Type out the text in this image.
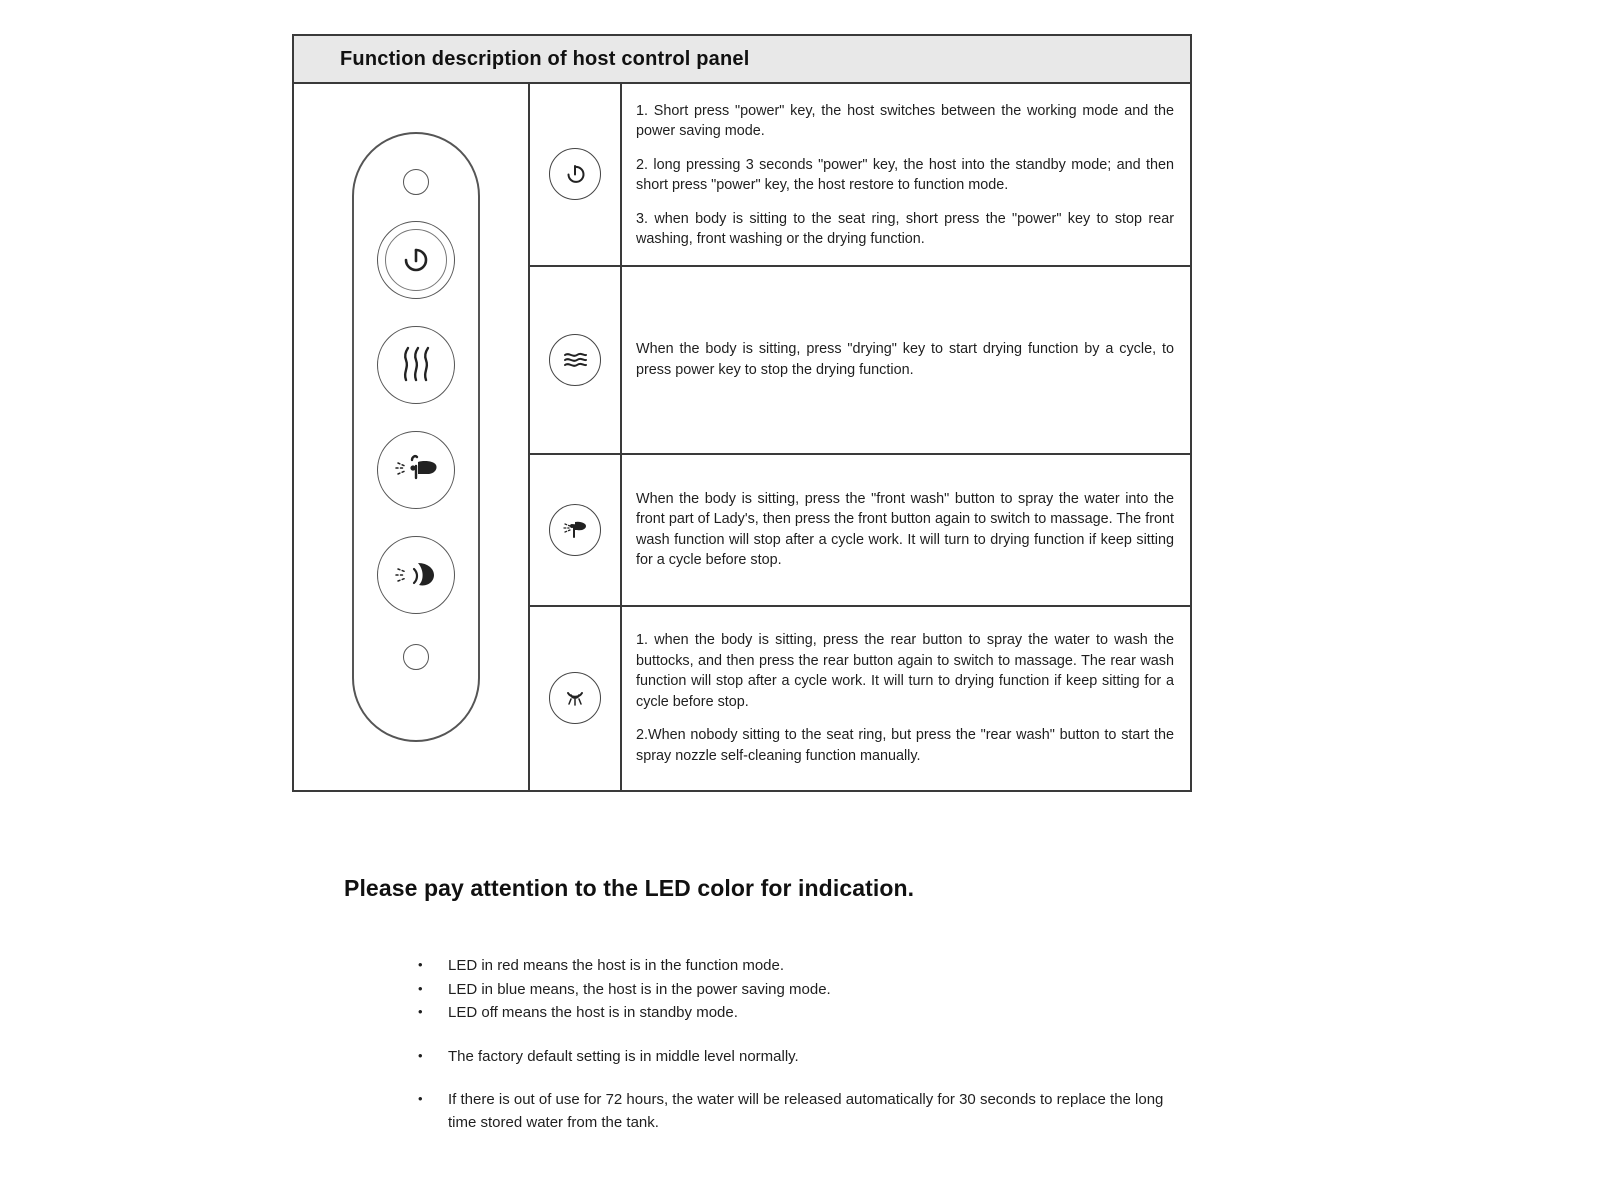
Function description of host control panel

1. Short press "power" key, the host switches between the working mode and the power saving mode.

2. long pressing 3 seconds "power" key, the host into the standby mode; and then short press "power" key, the host restore to function mode.

3. when body is sitting to the seat ring, short press the "power" key to stop rear washing, front washing or the drying function.

When the body is sitting, press "drying" key to start drying function by a cycle, to press power key to stop the drying function.

When the body is sitting, press the "front wash" button to spray the water into the front part of Lady's, then press the front button again to switch to massage. The front wash function will stop after a cycle work. It will turn to drying function if keep sitting for a cycle before stop.

1. when the body is sitting, press the rear button to spray the water to wash the buttocks, and then press the rear button again to switch to massage. The rear wash function will stop after a cycle work. It will turn to drying function if keep sitting for a cycle before stop.

2.When nobody sitting to the seat ring, but press the "rear wash" button to start the spray nozzle self-cleaning function manually.

Please pay attention to the LED color for indication.
•	LED in red means the host is in the function mode.
•	LED in blue means, the host is in the power saving mode.
•	LED off means the host is in standby mode.
•	The factory default setting is in middle level normally.
•	If there is out of use for 72 hours, the water will be released automatically for 30 seconds to replace the long time stored water from the tank.
